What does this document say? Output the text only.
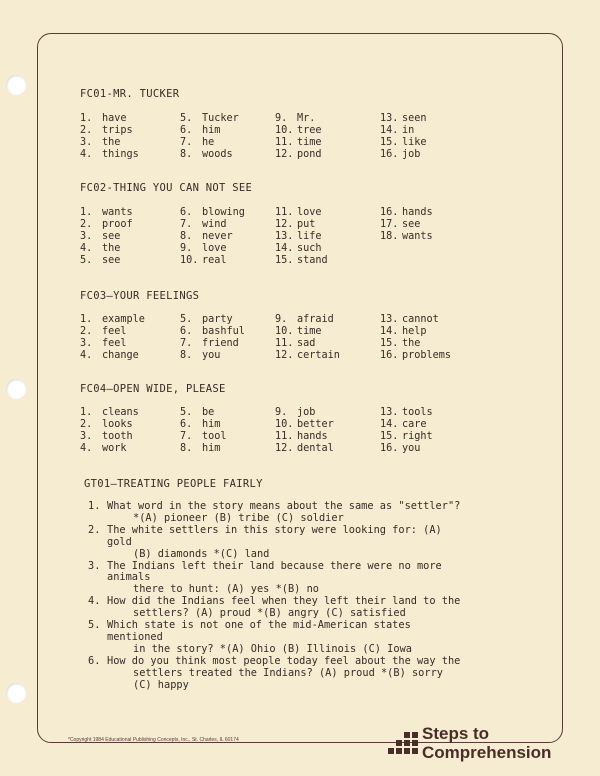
FC01-MR. TUCKER
1. have	5. Tucker	9. Mr.	13. seen
2. trips	6. him	10. tree	14. in
3. the	7. he	11. time	15. like
4. things	8. woods	12. pond	16. job
FC02-THING YOU CAN NOT SEE
1. wants	6. blowing	11. love	16. hands
2. proof	7. wind	12. put	17. see
3. see	8. never	13. life	18. wants
4. the	9. love	14. such
5. see	10. real	15. stand
FC03—YOUR FEELINGS
1. example	5. party	9. afraid	13. cannot
2. feel	6. bashful	10. time	14. help
3. feel	7. friend	11. sad	15. the
4. change	8. you	12. certain	16. problems
FC04—OPEN WIDE, PLEASE
1. cleans	5. be	9. job	13. tools
2. looks	6. him	10. better	14. care
3. tooth	7. tool	11. hands	15. right
4. work	8. him	12. dental	16. you
GT01—TREATING PEOPLE FAIRLY
1. What word in the story means about the same as "settler"?
*(A) pioneer (B) tribe (C) soldier
2. The white settlers in this story were looking for: (A) gold
(B) diamonds *(C) land
3. The Indians left their land because there were no more animals
there to hunt: (A) yes *(B) no
4. How did the Indians feel when they left their land to the
settlers? (A) proud *(B) angry (C) satisfied
5. Which state is not one of the mid-American states mentioned
in the story? *(A) Ohio (B) Illinois (C) Iowa
6. How do you think most people today feel about the way the
settlers treated the Indians? (A) proud *(B) sorry
(C) happy
*Copyright 1984 Educational Publishing Concepts, Inc., St. Charles, IL 60174	Steps to
Comprehension
